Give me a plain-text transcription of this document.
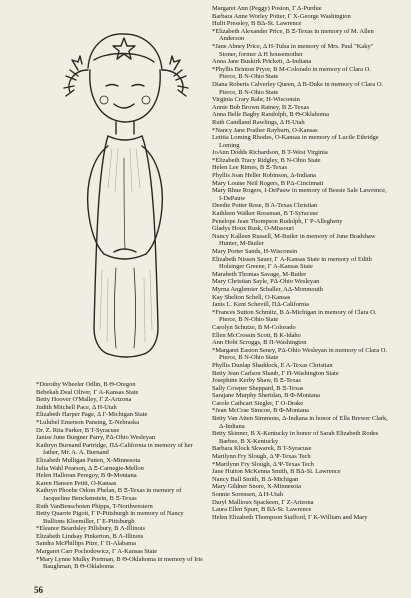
*Dorothy Wheeler Odlin, B Θ-Oregon

Bebekah Deal Oliver, Γ A-Kansas State

Betty Hoover O'Malley, Γ Z-Arizona

Judith Mitchell Pace, Δ H-Utah

Elizabeth Harper Page, Δ Γ-Michigan State

*Lulubel Emerson Pansing, Σ-Nebraska

Dr. Z. Rita Parker, B T-Syracuse

Janise June Burgner Parry, PΔ-Ohio Wesleyan

Kathryn Burnand Partridge, ΠΔ-California in memory of her father, Mr. A. A. Burnand

Elizabeth Mulligan Patten, X-Minnesota

Julia Wahl Pearson, Δ Ξ-Carnegie-Mellon

Helen Halloran Peregoy, B Φ-Montana

Karen Hansen Petitt, O-Kansas

Kathryn Phoebe Odom Phelan, B Ξ-Texas in memory of Jacqueline Benckenstein, B Ξ-Texas

Ruth VanBenschoten Phipps, T-Northwestern

Betty Quarrie Pigott, Γ P-Pittsburgh in memory of Nancy Bullions Kleemiller, Γ E-Pittsburgh

*Eleanor Beardsley Pillsbury, B Λ-Illinois

Elizabeth Lindsay Pinkerton, B Λ-Illinois

Sandra McPhillips Pitre, Γ Π-Alabama

Margaret Carr Pochodowicz, Γ A-Kansas State

*Mary Lynne Mulky Portman, B Θ-Oklahoma in memory of Iris Baughman, B Θ-Oklahoma

Margaret Ann (Peggy) Poston, Γ Δ-Purdue

Barbara Anne Worley Potter, Γ X-George Washington

Hulit Pressley, B BΔ-St. Lawrence

*Elizabeth Alexander Price, B Ξ-Texas in memory of M. Allen Anderson

*Jane Abney Price, Δ H-Tulsa in memory of Mrs. Paul "Kaky" Stoner, former Δ H housemother

Anna Jane Buskirk Prickett, Δ-Indiana

*Phyllis Brinton Pryor, B M-Colorado in memory of Clara O. Pierce, B N-Ohio State

Diana Roberts Calverley Queen, Δ B-Duke in memory of Clara O. Pierce, B N-Ohio State

Virginia Crary Rahr, H-Wisconsin

Annie Bob Brown Rainey, B Ξ-Texas

Anna Belle Bagby Randolph, B Θ-Oklahoma

Ruth Candland Rawlings, Δ H-Utah

*Nancy Jane Prather Rayburn, O-Kansas

Letitia Loming Rhodes, O-Kansas in memory of Lucile Ethridge Loming

JoAnn Dodds Richardson, B T-West Virginia

*Elizabeth Tracy Ridgley, B N-Ohio State

Helen Lee Rimes, B Ξ-Texas

Phyllis Joan Heller Robinson, Δ-Indiana

Mary Louise Neil Rogers, B PΔ-Cincinnati

Mary Rhue Rogers, I-DePauw in memory of Bessie Sale Lawrence, I-DePauw

Deedie Potter Rose, B A-Texas Christian

Kathleen Walker Rossman, B T-Syracuse

Penelope Jean Thompson Rudolph, Γ P-Allegheny

Gladys Houx Rusk, O-Missouri

Nancy Kalleen Russell, M-Butler in memory of June Bradshaw Hunter, M-Butler

Mary Porter Sands, H-Wisconsin

Elizabeth Nissen Sauer, Γ A-Kansas State in memory of Edith Holsinger Greene, Γ A-Kansas State

Marabeth Thomas Savage, M-Butler

Mary Christian Sayle, PΔ-Ohio Wesleyan

Myrna Anglemier Schaller, AΔ-Monmouth

Kay Shelton Schell, O-Kansas

Janis L. Kent Schevill, ΠΔ-California

*Frances Sutton Schmitz, B Δ-Michigan in memory of Clara O. Pierce, B N-Ohio State

Carolyn Schutze, B M-Colorado

Ellen McCrossin Scott, B K-Idaho

Ann Hobi Scroggs, B Π-Washington

*Margaret Easton Seney, PΔ-Ohio Wesleyan in memory of Clara O. Pierce, B N-Ohio State

Phyllis Dunlap Shaddock, E A-Texas Christian

Betty Jean Carlson Shaub, Γ H-Washington State

Josephine Kerby Shaw, B Ξ-Texas

Sally Cowper Sheppard, B Ξ-Texas

Sarajane Murphy Sheridan, B Φ-Montana

Carole Cathcart Siegler, Γ O-Drake

*Jean McCrae Simcoe, B Φ-Montana

Betty Van Atten Simmons, Δ-Indiana in honor of Ella Brewer Clark, Δ-Indiana

Betty Skinner, B X-Kentucky in honor of Sarah Elizabeth Rodes Barbee, B X-Kentucky

Barbara Klock Skwarek, B T-Syracuse

Marilynn Fry Slough, Δ Ψ-Texas Tech

*Marilynn Fry Slough, Δ Ψ-Texas Tech

Jane Hutton McKenna Smith, B BΔ-St. Lawrence

Nancy Ball Smith, B Δ-Michigan

Mary Gildner Snore, X-Minnesota

Sonnie Sorensen, Δ H-Utah

Daryl Mallioux Spackeen, Γ Z-Arizona

Laura Ellen Spurr, B BΔ-St. Lawrence

Helen Elizabeth Thompson Stafford, Γ K-William and Mary

56
